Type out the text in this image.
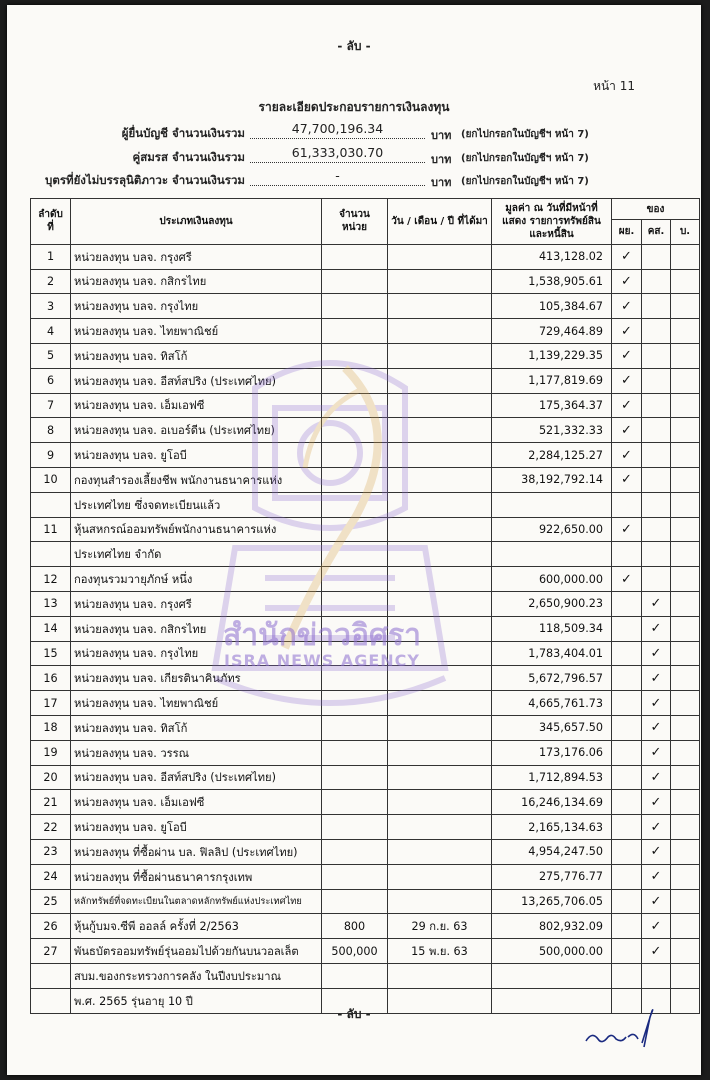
- ลับ -
หน้า 11
รายละเอียดประกอบรายการเงินลงทุน
ผู้ยื่นบัญชี จำนวนเงินรวม	47,700,196.34	บาท (ยกไปกรอกในบัญชีฯ หน้า 7)
คู่สมรส จำนวนเงินรวม	61,333,030.70	บาท (ยกไปกรอกในบัญชีฯ หน้า 7)
บุตรที่ยังไม่บรรลุนิติภาวะ จำนวนเงินรวม	-	บาท (ยกไปกรอกในบัญชีฯ หน้า 7)
ลำดับ ที่	ประเภทเงินลงทุน	จำนวน หน่วย	วัน / เดือน / ปี ที่ได้มา	มูลค่า ณ วันที่มีหน้าที่แสดง รายการทรัพย์สินและหนี้สิน	ของ		
					ผย.	คส.	บ.
1	หน่วยลงทุน บลจ. กรุงศรี			413,128.02	✓		
2	หน่วยลงทุน บลจ. กสิกรไทย			1,538,905.61	✓		
3	หน่วยลงทุน บลจ. กรุงไทย			105,384.67	✓		
4	หน่วยลงทุน บลจ. ไทยพาณิชย์			729,464.89	✓		
5	หน่วยลงทุน บลจ. ทิสโก้			1,139,229.35	✓		
6	หน่วยลงทุน บลจ. อีสท์สปริง (ประเทศไทย)			1,177,819.69	✓		
7	หน่วยลงทุน บลจ. เอ็มเอฟซี			175,364.37	✓		
8	หน่วยลงทุน บลจ. อเบอร์ดีน (ประเทศไทย)			521,332.33	✓		
9	หน่วยลงทุน บลจ. ยูโอบี			2,284,125.27	✓		
10	กองทุนสำรองเลี้ยงชีพ พนักงานธนาคารแห่ง			38,192,792.14	✓		
	ประเทศไทย ซึ่งจดทะเบียนแล้ว						
11	หุ้นสหกรณ์ออมทรัพย์พนักงานธนาคารแห่ง			922,650.00	✓		
	ประเทศไทย จำกัด						
12	กองทุนรวมวายุภักษ์ หนึ่ง			600,000.00	✓		
13	หน่วยลงทุน บลจ. กรุงศรี			2,650,900.23		✓	
14	หน่วยลงทุน บลจ. กสิกรไทย			118,509.34		✓	
15	หน่วยลงทุน บลจ. กรุงไทย			1,783,404.01		✓	
16	หน่วยลงทุน บลจ. เกียรตินาคินภัทร			5,672,796.57		✓	
17	หน่วยลงทุน บลจ. ไทยพาณิชย์			4,665,761.73		✓	
18	หน่วยลงทุน บลจ. ทิสโก้			345,657.50		✓	
19	หน่วยลงทุน บลจ. วรรณ			173,176.06		✓	
20	หน่วยลงทุน บลจ. อีสท์สปริง (ประเทศไทย)			1,712,894.53		✓	
21	หน่วยลงทุน บลจ. เอ็มเอฟซี			16,246,134.69		✓	
22	หน่วยลงทุน บลจ. ยูโอบี			2,165,134.63		✓	
23	หน่วยลงทุน ที่ซื้อผ่าน บล. ฟิลลิป (ประเทศไทย)			4,954,247.50		✓	
24	หน่วยลงทุน ที่ซื้อผ่านธนาคารกรุงเทพ			275,776.77		✓	
25	หลักทรัพย์ที่จดทะเบียนในตลาดหลักทรัพย์แห่งประเทศไทย			13,265,706.05		✓	
26	หุ้นกู้บมจ.ซีพี ออลล์ ครั้งที่ 2/2563	800	29 ก.ย. 63	802,932.09		✓	
27	พันธบัตรออมทรัพย์รุ่นออมไปด้วยกันบนวอลเล็ต	500,000	15 พ.ย. 63	500,000.00		✓	
	สบม.ของกระทรวงการคลัง ในปีงบประมาณ						
	พ.ศ. 2565 รุ่นอายุ 10 ปี						
สำนักข่าวอิศรา
ISRA NEWS AGENCY
- ลับ -
